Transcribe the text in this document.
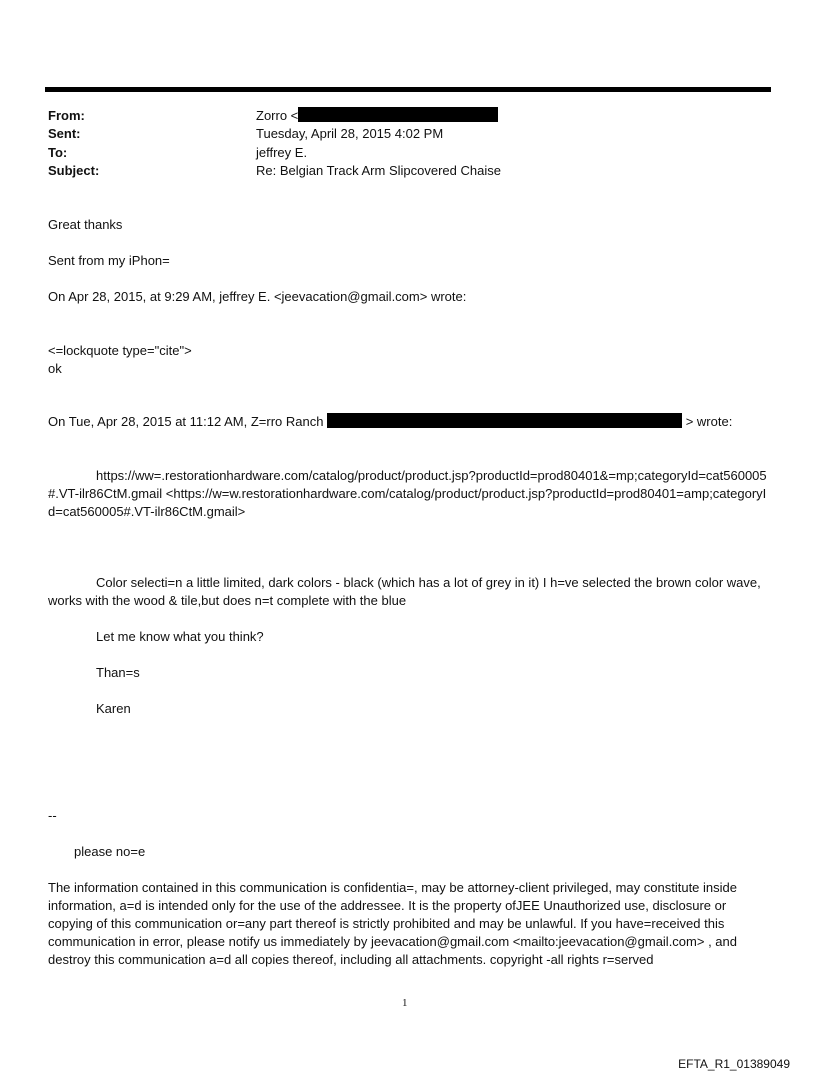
From:	Zorro <
Sent:	Tuesday, April 28, 2015 4:02 PM
To:	jeffrey E.
Subject:	Re: Belgian Track Arm Slipcovered Chaise
Great thanks
Sent from my iPhon=
On Apr 28, 2015, at 9:29 AM, jeffrey E. <jeevacation@gmail.com> wrote:
<=lockquote type="cite">
ok
On Tue, Apr 28, 2015 at 11:12 AM, Z=rro Ranch	> wrote:
https://ww=.restorationhardware.com/catalog/product/product.jsp?productId=prod80401&=mp;categoryId=cat560005#.VT-ilr86CtM.gmail <https://w=w.restorationhardware.com/catalog/product/product.jsp?productId=prod80401=amp;categoryId=cat560005#.VT-ilr86CtM.gmail>
Color selecti=n a little limited, dark colors - black (which has a lot of grey in it) I h=ve selected the brown color wave, works with the wood & tile,but does n=t complete with the blue
Let me know what you think?
Than=s
Karen
--
please no=e
The information contained in this communication is confidentia=, may be attorney-client privileged, may constitute inside information, a=d is intended only for the use of the addressee. It is the property ofJEE Unauthorized use, disclosure or copying of this communication or=any part thereof is strictly prohibited and may be unlawful. If you have=received this communication in error, please notify us immediately by jeevacation@gmail.com <mailto:jeevacation@gmail.com> , and destroy this communication a=d all copies thereof, including all attachments. copyright -all rights r=served
1
EFTA_R1_01389049
